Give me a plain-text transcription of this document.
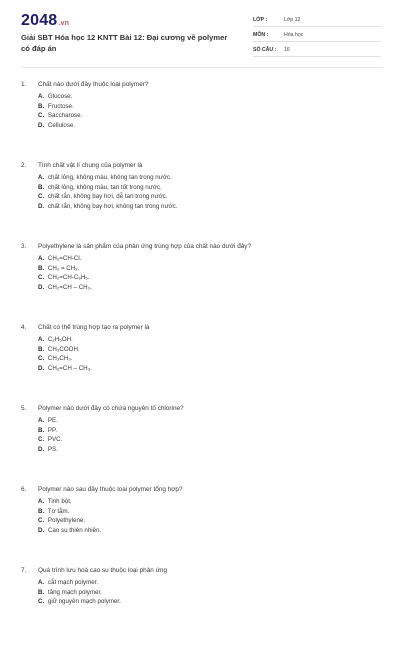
2048.vn
Giải SBT Hóa học 12 KNTT Bài 12: Đại cương về polymer có đáp án
LỚP :	Lớp 12
MÔN :	Hóa học
SỐ CÂU : 16
1. Chất nào dưới đây thuộc loại polymer?
A. Glucose.
B. Fructose.
C. Saccharose.
D. Cellulose.
2. Tính chất vật lí chung của polymer là
A. chất lỏng, không màu, không tan trong nước.
B. chất lỏng, không màu, tan tốt trong nước.
C. chất rắn, không bay hơi, dễ tan trong nước.
D. chất rắn, không bay hơi, không tan trong nước.
3. Polyethylene là sản phẩm của phản ứng trùng hợp của chất nào dưới đây?
A. CH₂=CH-Cl.
B. CH₂ = CH₂.
C. CH₂=CH-C₆H₅.
D. CH₂=CH – CH₃.
4. Chất có thể trùng hợp tạo ra polymer là
A. C₂H₅OH.
B. CH₃COOH.
C. CH₃CH₃.
D. CH₂=CH – CH₃.
5. Polymer nào dưới đây có chứa nguyên tố chlorine?
A. PE.
B. PP.
C. PVC.
D. PS.
6. Polymer nào sau đây thuộc loại polymer tổng hợp?
A. Tinh bột.
B. Tơ tằm.
C. Polyethylene.
D. Cao su thiên nhiên.
7. Quá trình lưu hoá cao su thuộc loại phản ứng
A. cắt mạch polymer.
B. tăng mạch polymer.
C. giữ nguyên mạch polymer.
